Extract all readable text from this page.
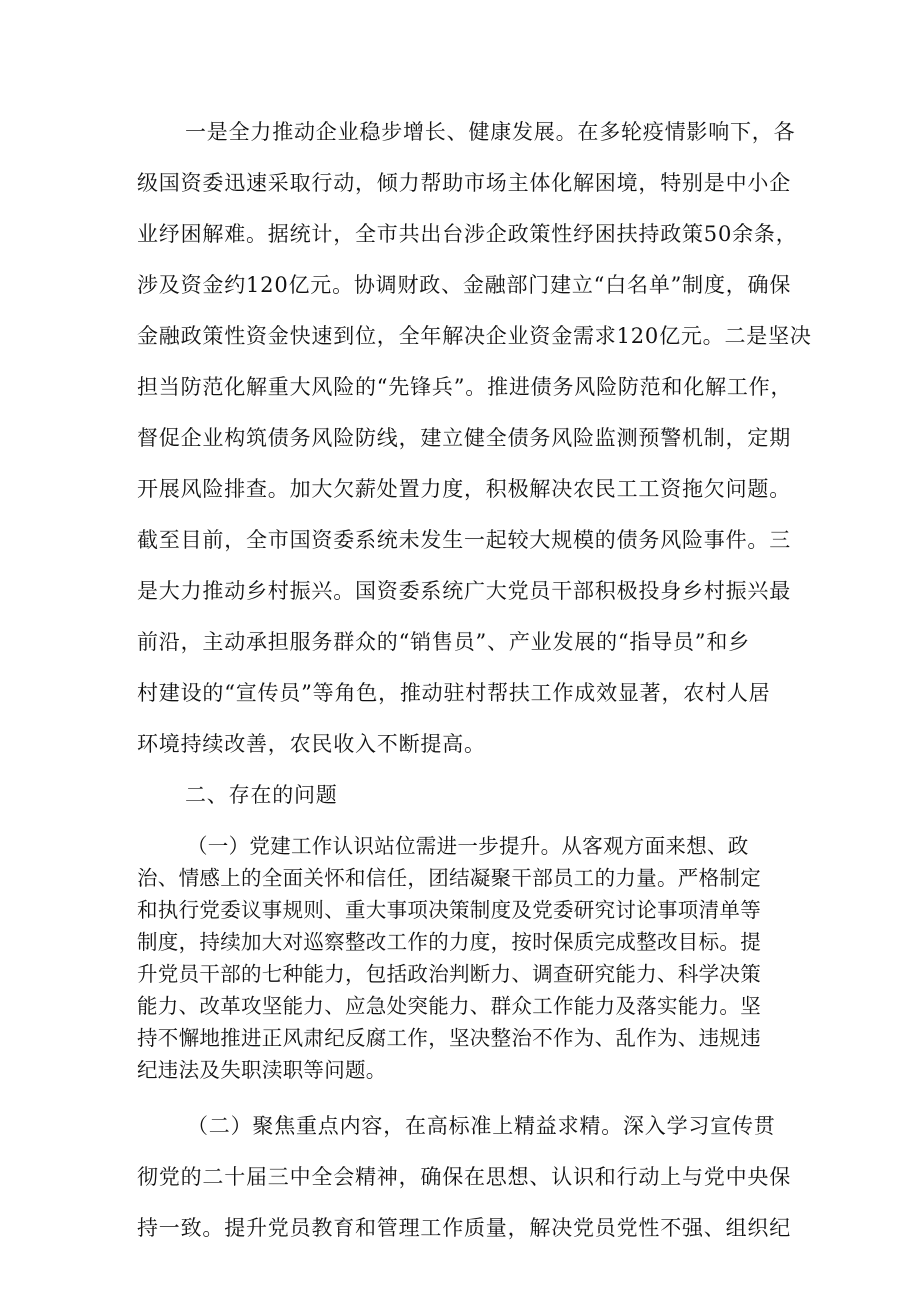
一是全力推动企业稳步增长、健康发展。在多轮疫情影响下，各
级国资委迅速采取行动，倾力帮助市场主体化解困境，特别是中小企
业纾困解难。据统计，全市共出台涉企政策性纾困扶持政策50余条，
涉及资金约120亿元。协调财政、金融部门建立“白名单”制度，确保
金融政策性资金快速到位，全年解决企业资金需求120亿元。二是坚决
担当防范化解重大风险的“先锋兵”。推进债务风险防范和化解工作，
督促企业构筑债务风险防线，建立健全债务风险监测预警机制，定期
开展风险排查。加大欠薪处置力度，积极解决农民工工资拖欠问题。
截至目前，全市国资委系统未发生一起较大规模的债务风险事件。三
是大力推动乡村振兴。国资委系统广大党员干部积极投身乡村振兴最
前沿，主动承担服务群众的“销售员”、产业发展的“指导员”和乡
村建设的“宣传员”等角色，推动驻村帮扶工作成效显著，农村人居
环境持续改善，农民收入不断提高。
二、存在的问题
（一）党建工作认识站位需进一步提升。从客观方面来想、政
治、情感上的全面关怀和信任，团结凝聚干部员工的力量。严格制定
和执行党委议事规则、重大事项决策制度及党委研究讨论事项清单等
制度，持续加大对巡察整改工作的力度，按时保质完成整改目标。提
升党员干部的七种能力，包括政治判断力、调查研究能力、科学决策
能力、改革攻坚能力、应急处突能力、群众工作能力及落实能力。坚
持不懈地推进正风肃纪反腐工作，坚决整治不作为、乱作为、违规违
纪违法及失职渎职等问题。
（二）聚焦重点内容，在高标准上精益求精。深入学习宣传贯
彻党的二十届三中全会精神，确保在思想、认识和行动上与党中央保
持一致。提升党员教育和管理工作质量，解决党员党性不强、组织纪
